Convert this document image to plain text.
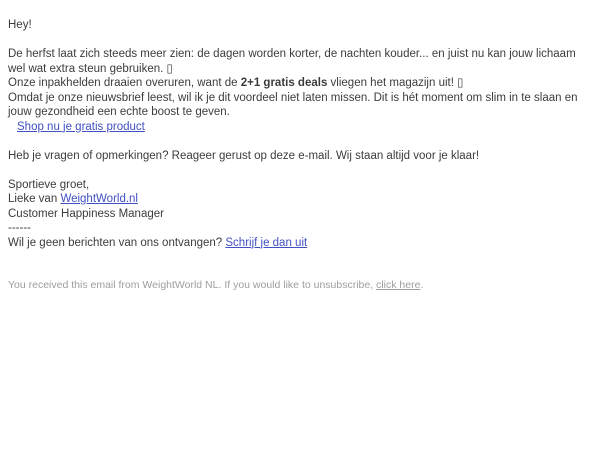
Hey!

De herfst laat zich steeds meer zien: de dagen worden korter, de nachten kouder... en juist nu kan jouw lichaam wel wat extra steun gebruiken. ▯
Onze inpakhelden draaien overuren, want de 2+1 gratis deals vliegen het magazijn uit! ▯
Omdat je onze nieuwsbrief leest, wil ik je dit voordeel niet laten missen. Dit is hét moment om slim in te slaan en jouw gezondheid een echte boost te geven.
Shop nu je gratis product

Heb je vragen of opmerkingen? Reageer gerust op deze e-mail. Wij staan altijd voor je klaar!

Sportieve groet,
Lieke van WeightWorld.nl
Customer Happiness Manager
------
Wil je geen berichten van ons ontvangen? Schrijf je dan uit

You received this email from WeightWorld NL. If you would like to unsubscribe, click here.
